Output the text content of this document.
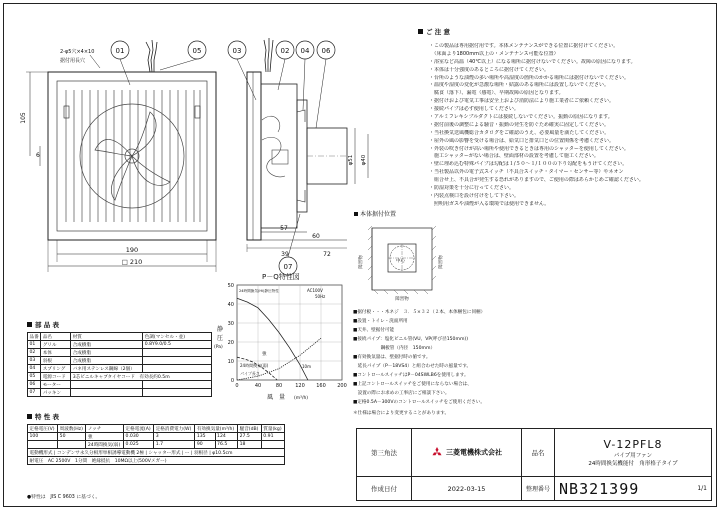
01	05
2-φ5穴×4×10
据付用長穴
105
6
190
□ 210
03	02 04 06
07
φ51 φ40
57
60
39	72
P－Q特性図
0	40	80	120 160 200
0
10
20
30
40
50
AC100V
50Hz
24時間換気(Hi)静圧特性
強
24時間換気(弱)
パイプ長さ
10m
静
圧
(Pa)
風　量 (m³/h)
本体据付位置
中心
障害物	障害物
障害物
■据付板・・・木ネジ　３．５×３２（２本、本体梱包に同梱）
■設置・トイレ・洗面所用
■天井、壁据付可能
■接続パイプ：塩化ビニル管(VU、VP(呼び径150mm))
　　　　　　鋼板管（内径　150mm）
■有効換気量は、壁据付時の値です。
　延長パイプ（P－18VS4）と組合わせた時の風量です。
■コントロールスイッチはP－04SWLB6を使用します。
■上記コントロールスイッチをご使用にならない場合は、
　設置の際にお求めの工事店にご相談下さい。
■定格0.5A－300Vのコントロールスイッチをご使用ください。
＊仕様は場合により変更することがあります。
ご 注 意
部 品 表
特 性 表
・この製品は専用据付用です。本体メンテナンスができる位置に据付けてください。
　（床面より1800mm以上の・メンテナンス可能な位置）
・浴室など高温（40℃以上）になる場所に据付けないでください。故障の原因になります。
・本体は十分強度のあるところに据付けてください。
・台所のような油煙の多い場所や高湿度の箇所のかかる場所には据付けないでください。
・温度や湿度の変化が急激な場所・結露のある場所には設置しないでください。
　腐食（落下）、漏電（感電）、早期故障の原因となります。
・据付けおよび電気工事は安全上および消防法により施工業者にご依頼ください。
・接続パイプは必ず使用してください。
・アルミフレキシブルダクトには接続しないでください。振動の原因になります。
・据付前後の調整による騒音・振動の発生を防ぐため確実に固定してください。
・当社換気送風機総合カタログをご確認のうえ、必要風量を満たしてください。
・屋外の風の影響を受ける場合は、給気口と排気口との位置関係を考慮ください。
・外装の吹き付けが高い場所や使用できるときは専用のシャッターを使用してください。
　施工シャッターがない場合は、壁面部材の設置を考慮して施工ください。
・壁に埋め込む特殊パイプは勾配は１/５０～１/１００の下り勾配をもうけてください。
・当社製品以外の電子式スイッチ（不具合スイッチ・タイマー・センサー等）やネオン
　組合せ上、不具合が発生する恐れがありますので、ご使用の際はあらかじめご確認ください。
・防湿対策を十分に行ってください。
・内装点検口を設け付けをして下さい。
　照明用ガスや油煙が入る環境では使用できません。
品番	品名	材質	色調(マンセル・並)
01	グリル	合成樹脂	0.8Y9.0/0.5
02	本体	合成樹脂	
03	羽根	合成樹脂	
04	スプリング	バネ用ステンレス鋼線（2個）	
05	電源コード	3芯ビニルキャブタイヤコード　有効長約0.5m	
06	モーター		
07	パッキン		
定格電圧(V)	周波数(Hz)	ノッチ	定格電流(A)	定格消費電力(W)	有効換気量(m³/h)		騒音(dB)	質量(kg)
100	50	強	0.030	3	135	124	27.5	0.91
		24時間換気(弱)	0.025	1.7	90	76.5	18	
電動機形式 | コンデンサ永久分相形単相誘導電動機 2極 | シャッター形式 | ー | 羽根径 | φ10.5cm								
耐電圧　AC 2500V　1分間　絶縁抵抗　10MΩ以上(500Vメガー)								
●特性は　JIS C 9603 に基づく。
第三角法	三菱電機株式会社	品名	V-12PFL8
パイプ用ファン
24時間換気機能付　角形格子タイプ

作成日付	2022-03-15	整理番号	NB321399 1/1
